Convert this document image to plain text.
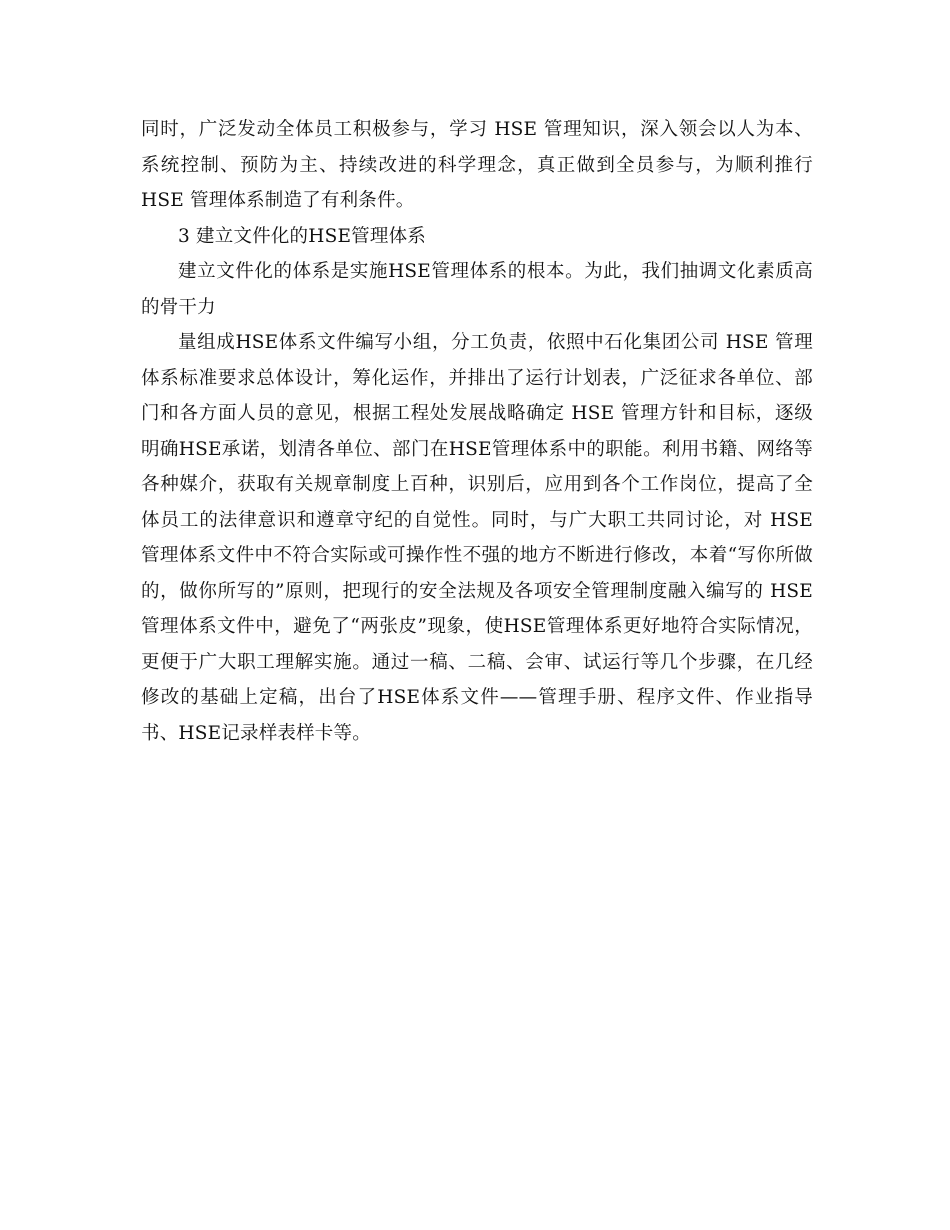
同时，广泛发动全体员工积极参与，学习 HSE 管理知识，深入领会以人为本、系统控制、预防为主、持续改进的科学理念，真正做到全员参与，为顺利推行 HSE 管理体系制造了有利条件。

3 建立文件化的HSE管理体系

建立文件化的体系是实施HSE管理体系的根本。为此，我们抽调文化素质高的骨干力

量组成HSE体系文件编写小组，分工负责，依照中石化集团公司 HSE 管理体系标准要求总体设计，筹化运作，并排出了运行计划表，广泛征求各单位、部门和各方面人员的意见，根据工程处发展战略确定 HSE 管理方针和目标，逐级明确HSE承诺，划清各单位、部门在HSE管理体系中的职能。利用书籍、网络等各种媒介，获取有关规章制度上百种，识别后，应用到各个工作岗位，提高了全体员工的法律意识和遵章守纪的自觉性。同时，与广大职工共同讨论，对 HSE 管理体系文件中不符合实际或可操作性不强的地方不断进行修改，本着“写你所做的，做你所写的”原则，把现行的安全法规及各项安全管理制度融入编写的 HSE 管理体系文件中，避免了“两张皮”现象，使HSE管理体系更好地符合实际情况，更便于广大职工理解实施。通过一稿、二稿、会审、试运行等几个步骤，在几经修改的基础上定稿，出台了HSE体系文件——管理手册、程序文件、作业指导书、HSE记录样表样卡等。
